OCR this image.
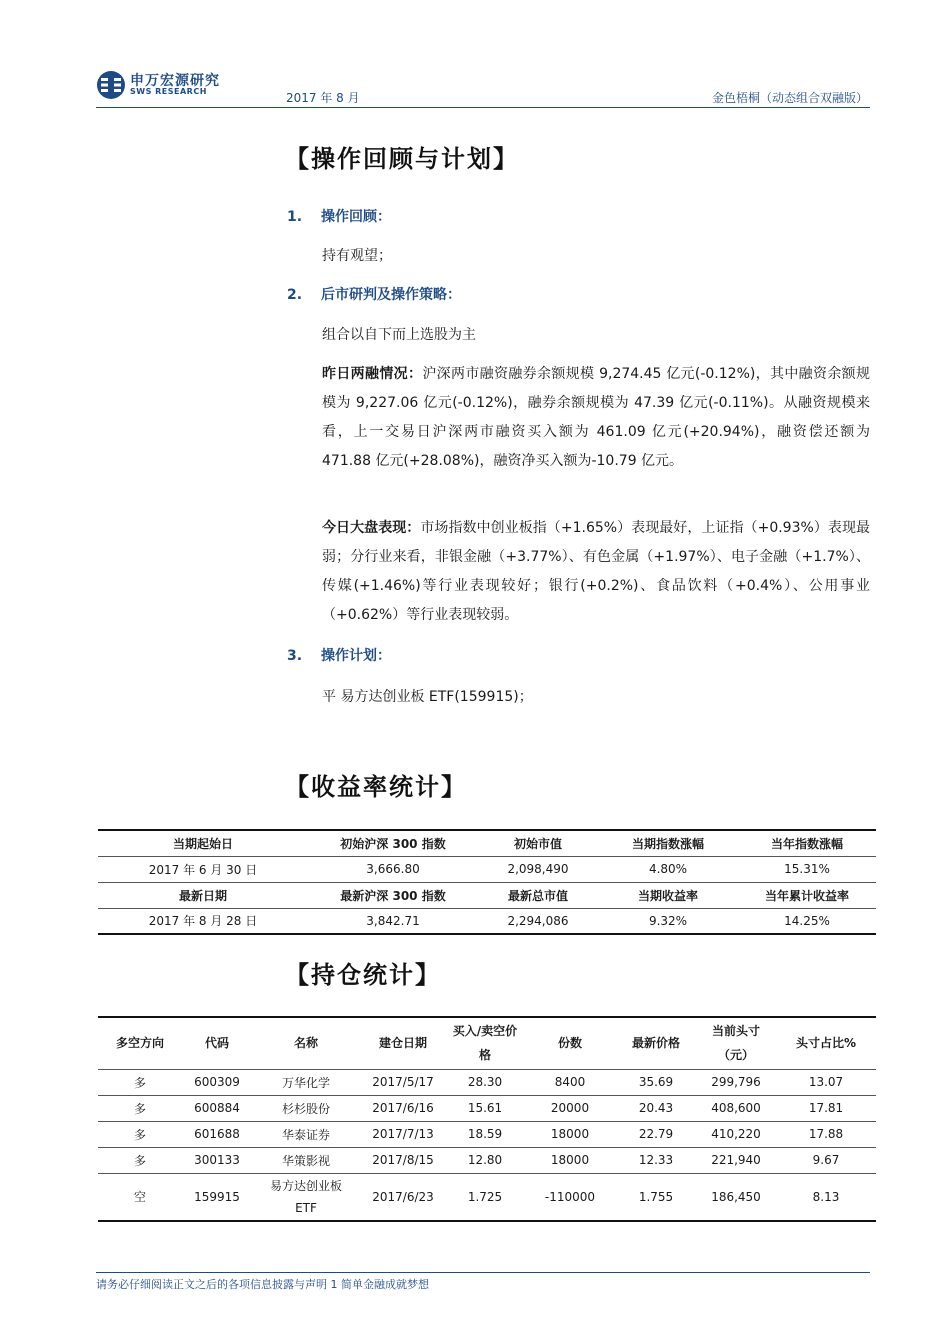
申万宏源研究
SWS RESEARCH	2017 年 8 月	金色梧桐（动态组合双融版）
【操作回顾与计划】
1. 操作回顾：
持有观望；
2. 后市研判及操作策略：
组合以自下而上选股为主
昨日两融情况：沪深两市融资融券余额规模 9,274.45 亿元(-0.12%)，其中融资余额规模为 9,227.06 亿元(-0.12%)，融券余额规模为 47.39 亿元(-0.11%)。从融资规模来看，上一交易日沪深两市融资买入额为 461.09 亿元(+20.94%)，融资偿还额为 471.88 亿元(+28.08%)，融资净买入额为-10.79 亿元。
今日大盘表现：市场指数中创业板指（+1.65%）表现最好，上证指（+0.93%）表现最弱；分行业来看，非银金融（+3.77%）、有色金属（+1.97%）、电子金融（+1.7%）、传媒(+1.46%)等行业表现较好；银行(+0.2%)、食品饮料（+0.4%）、公用事业（+0.62%）等行业表现较弱。
3. 操作计划：
平 易方达创业板 ETF(159915)；
【收益率统计】
当期起始日	初始沪深 300 指数	初始市值	当期指数涨幅	当年指数涨幅
2017 年 6 月 30 日	3,666.80	2,098,490	4.80%	15.31%
最新日期	最新沪深 300 指数	最新总市值	当期收益率	当年累计收益率
2017 年 8 月 28 日	3,842.71	2,294,086	9.32%	14.25%
【持仓统计】
多空方向	代码	名称	建仓日期	买入/卖空价格	份数	最新价格	当前头寸（元）	头寸占比%
多	600309	万华化学	2017/5/17	28.30	8400	35.69	299,796	13.07
多	600884	杉杉股份	2017/6/16	15.61	20000	20.43	408,600	17.81
多	601688	华泰证券	2017/7/13	18.59	18000	22.79	410,220	17.88
多	300133	华策影视	2017/8/15	12.80	18000	12.33	221,940	9.67
空	159915	易方达创业板ETF	2017/6/23	1.725	-110000	1.755	186,450	8.13
请务必仔细阅读正文之后的各项信息披露与声明 1 简单金融成就梦想
